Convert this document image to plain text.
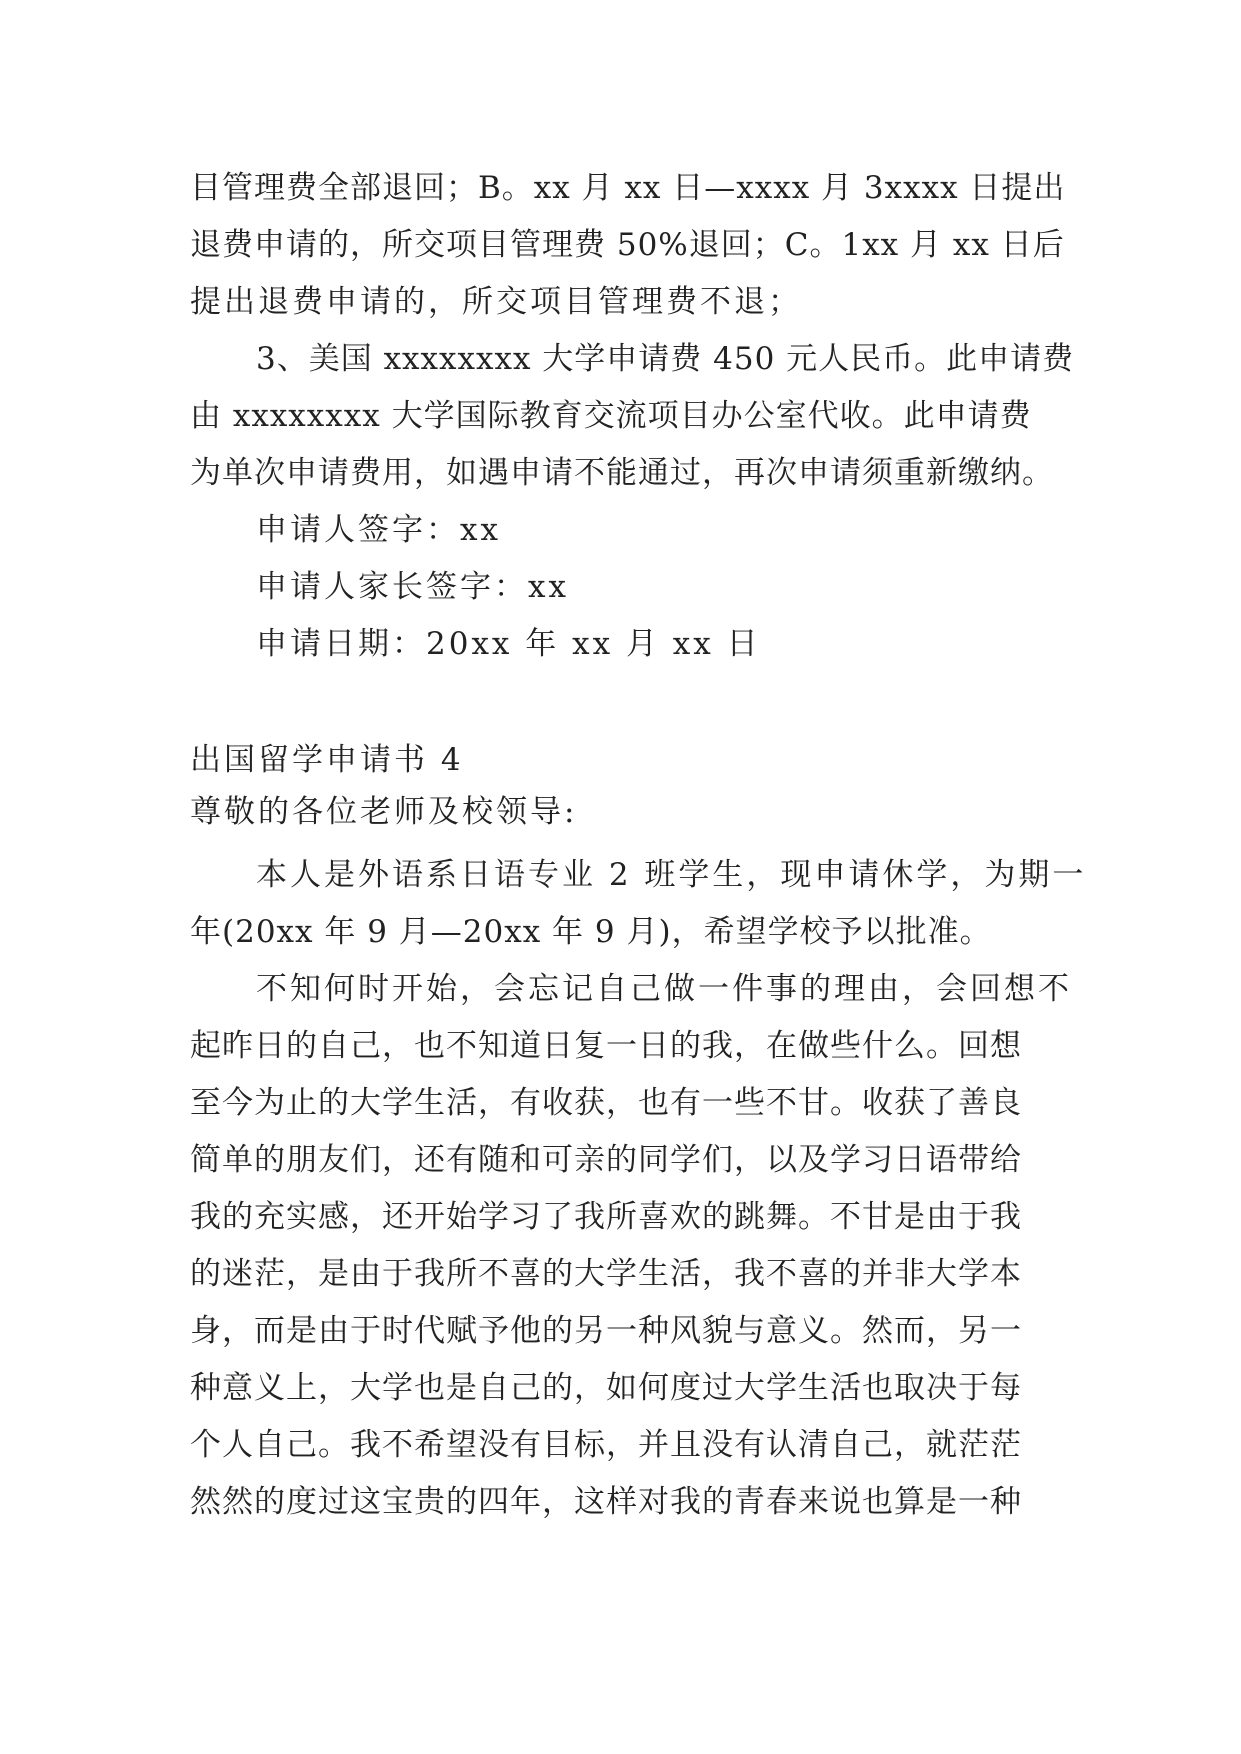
目管理费全部退回；B。xx 月 xx 日—xxxx 月 3xxxx 日提出
退费申请的，所交项目管理费 50%退回；C。1xx 月 xx 日后
提出退费申请的，所交项目管理费不退；
3、美国 xxxxxxxx 大学申请费 450 元人民币。此申请费
由 xxxxxxxx 大学国际教育交流项目办公室代收。此申请费
为单次申请费用，如遇申请不能通过，再次申请须重新缴纳。
申请人签字：xx
申请人家长签字：xx
申请日期：20xx 年 xx 月 xx 日
出国留学申请书 4
尊敬的各位老师及校领导:
本人是外语系日语专业 2 班学生，现申请休学，为期一
年(20xx 年 9 月—20xx 年 9 月)，希望学校予以批准。
不知何时开始，会忘记自己做一件事的理由，会回想不
起昨日的自己，也不知道日复一日的我，在做些什么。回想
至今为止的大学生活，有收获，也有一些不甘。收获了善良
简单的朋友们，还有随和可亲的同学们，以及学习日语带给
我的充实感，还开始学习了我所喜欢的跳舞。不甘是由于我
的迷茫，是由于我所不喜的大学生活，我不喜的并非大学本
身，而是由于时代赋予他的另一种风貌与意义。然而，另一
种意义上，大学也是自己的，如何度过大学生活也取决于每
个人自己。我不希望没有目标，并且没有认清自己，就茫茫
然然的度过这宝贵的四年，这样对我的青春来说也算是一种
